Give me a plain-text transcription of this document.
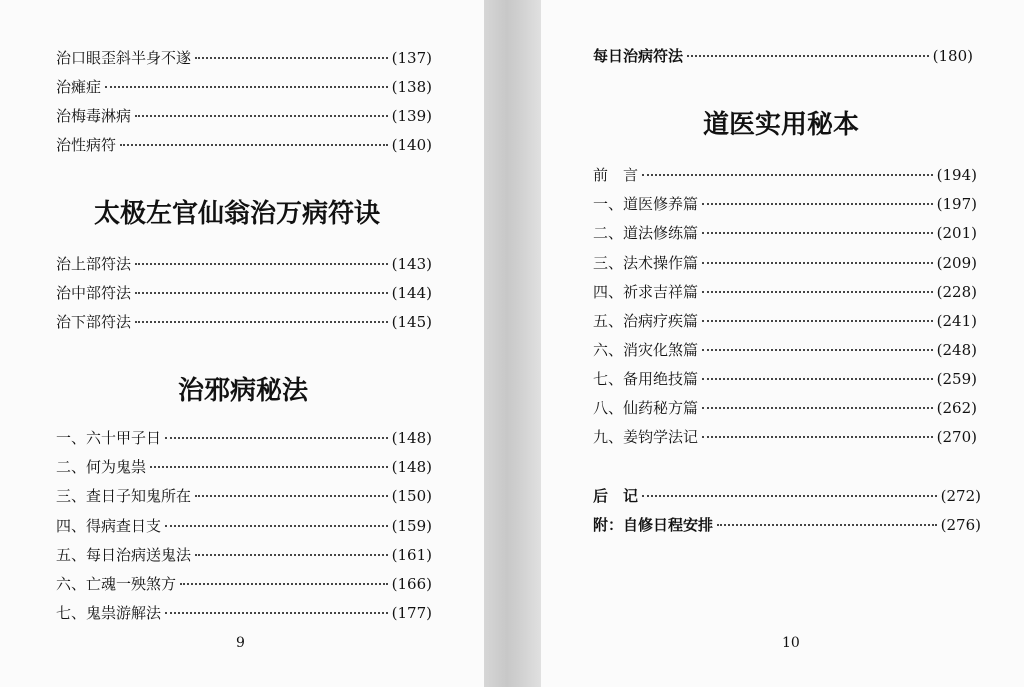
治口眼歪斜半身不遂	(137)
治瘫症	(138)
治梅毒淋病	(139)
治性病符	(140)
太极左官仙翁治万病符诀
治上部符法	(143)
治中部符法	(144)
治下部符法	(145)
治邪病秘法
一、六十甲子日	(148)
二、何为鬼祟	(148)
三、查日子知鬼所在	(150)
四、得病查日支	(159)
五、每日治病送鬼法	(161)
六、亡魂一殃煞方	(166)
七、鬼祟游解法	(177)
9
每日治病符法	(180)
道医实用秘本
前　言	(194)
一、道医修养篇	(197)
二、道法修练篇	(201)
三、法术操作篇	(209)
四、祈求吉祥篇	(228)
五、治病疗疾篇	(241)
六、消灾化煞篇	(248)
七、备用绝技篇	(259)
八、仙药秘方篇	(262)
九、姜钧学法记	(270)
后　记	(272)
附：自修日程安排	(276)
10
